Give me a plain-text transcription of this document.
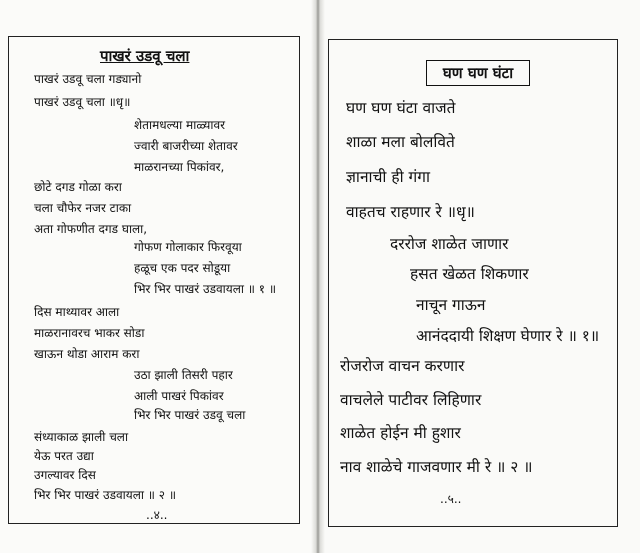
पाखरं उडवू चला
पाखरं उडवू चला गड्यानो
पाखरं उडवू चला ॥धृ॥
शेतामधल्या माळ्यावर
ज्वारी बाजरीच्या शेतावर
माळरानच्या पिकांवर,
छोटे दगड गोळा करा
चला चौफेर नजर टाका
अता गोफणीत दगड घाला,
गोफण गोलाकार फिरवूया
हळूच एक पदर सोडूया
भिर भिर पाखरं उडवायला ॥ १ ॥
दिस माथ्यावर आला
माळरानावरच भाकर सोडा
खाऊन थोडा आराम करा
उठा झाली तिसरी पहार
आली पाखरं पिकांवर
भिर भिर पाखरं उडवू चला
संध्याकाळ झाली चला
येऊ परत उद्या
उगल्यावर दिस
भिर भिर पाखरं उडवायला ॥ २ ॥
..४..
घण घण घंटा
घण घण घंटा वाजते
शाळा मला बोलविते
ज्ञानाची ही गंगा
वाहतच राहणार रे ॥धृ॥
दररोज शाळेत जाणार
हसत खेळत शिकणार
नाचून गाऊन
आनंददायी शिक्षण घेणार रे ॥ १॥
रोजरोज वाचन करणार
वाचलेले पाटीवर लिहिणार
शाळेत होईन मी हुशार
नाव शाळेचे गाजवणार मी रे ॥ २ ॥
..५..
